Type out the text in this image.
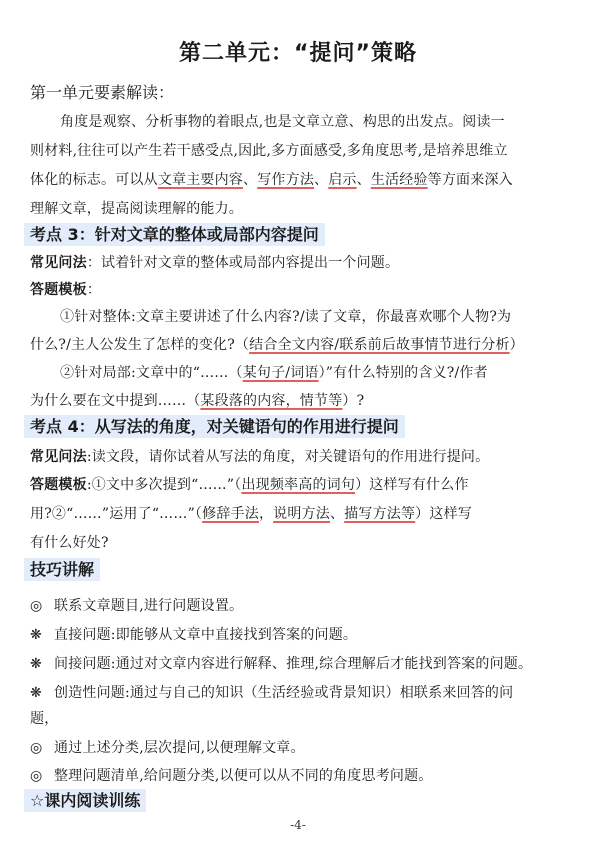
第二单元：“提问”策略
第一单元要素解读：
角度是观察、分析事物的着眼点,也是文章立意、构思的出发点。阅读一
则材料,往往可以产生若干感受点,因此,多方面感受,多角度思考,是培养思维立
体化的标志。可以从文章主要内容、写作方法、启示、生活经验等方面来深入
理解文章，提高阅读理解的能力。
考点 3：针对文章的整体或局部内容提问
常见问法：试着针对文章的整体或局部内容提出一个问题。
答题模板：
①针对整体:文章主要讲述了什么内容?/读了文章，你最喜欢哪个人物?为
什么?/主人公发生了怎样的变化?（结合全文内容/联系前后故事情节进行分析）
②针对局部:文章中的“……（某句子/词语）”有什么特别的含义?/作者
为什么要在文中提到……（某段落的内容，情节等）?
考点 4：从写法的角度，对关键语句的作用进行提问
常见问法:读文段，请你试着从写法的角度，对关键语句的作用进行提问。
答题模板:①文中多次提到“……”（出现频率高的词句）这样写有什么作
用?②“……”运用了“……”（修辞手法，说明方法、描写方法等）这样写
有什么好处?
技巧讲解
◎ 联系文章题目,进行问题设置。
❋ 直接问题:即能够从文章中直接找到答案的问题。
❋ 间接问题:通过对文章内容进行解释、推理,综合理解后才能找到答案的问题。
❋ 创造性问题:通过与自己的知识（生活经验或背景知识）相联系来回答的问
题，
◎ 通过上述分类,层次提问,以便理解文章。
◎ 整理问题清单,给问题分类,以便可以从不同的角度思考问题。
☆课内阅读训练
-4-
